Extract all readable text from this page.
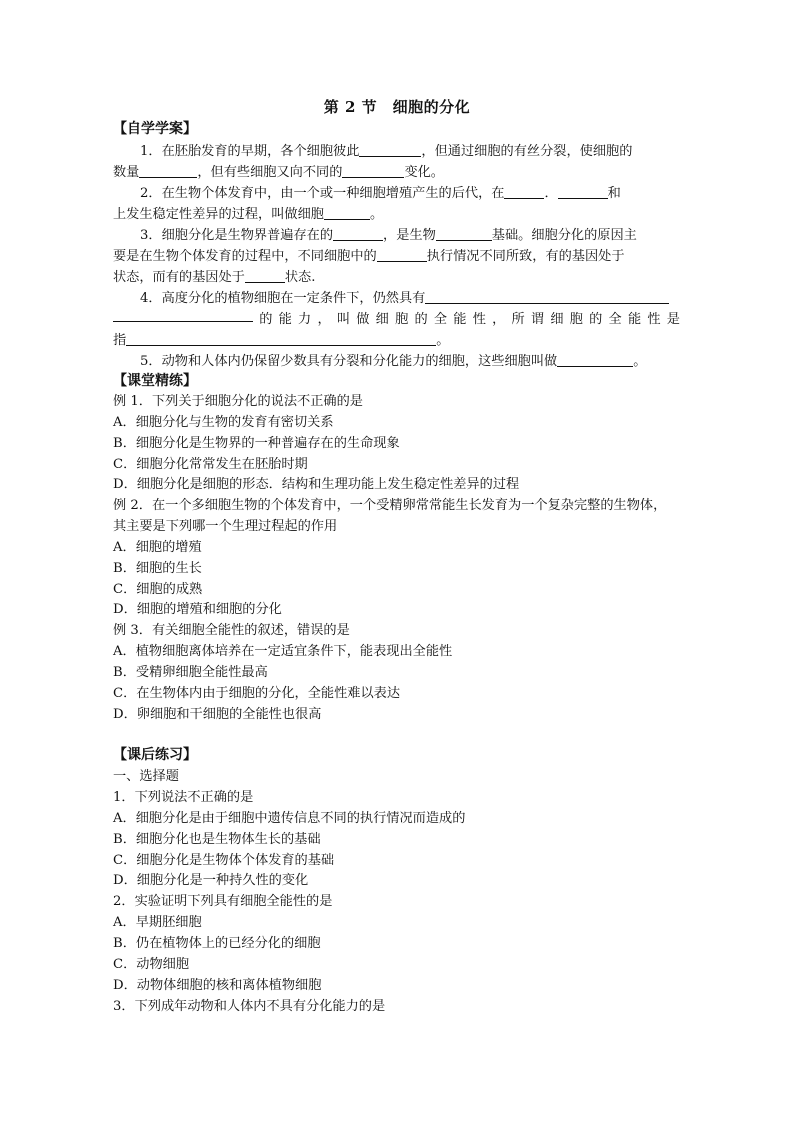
第 2 节　细胞的分化
【自学学案】
1．在胚胎发育的早期，各个细胞彼此	，但通过细胞的有丝分裂，使细胞的
数量	，但有些细胞又向不同的	变化。
2．在生物个体发育中，由一个或一种细胞增殖产生的后代，在	．	和
上发生稳定性差异的过程，叫做细胞	。
3．细胞分化是生物界普遍存在的	，是生物	基础。细胞分化的原因主
要是在生物个体发育的过程中，不同细胞中的	执行情况不同所致，有的基因处于
状态，而有的基因处于	状态.
4．高度分化的植物细胞在一定条件下，仍然具有
的 能 力 ， 叫 做 细 胞 的 全 能 性 ， 所 谓 细 胞 的 全 能 性 是
指	。
5．动物和人体内仍保留少数具有分裂和分化能力的细胞，这些细胞叫做	。
【课堂精练】
例 1．下列关于细胞分化的说法不正确的是
A．细胞分化与生物的发育有密切关系
B．细胞分化是生物界的一种普遍存在的生命现象
C．细胞分化常常发生在胚胎时期
D．细胞分化是细胞的形态．结构和生理功能上发生稳定性差异的过程
例 2．在一个多细胞生物的个体发育中，一个受精卵常常能生长发育为一个复杂完整的生物体，
其主要是下列哪一个生理过程起的作用
A．细胞的增殖
B．细胞的生长
C．细胞的成熟
D．细胞的增殖和细胞的分化
例 3．有关细胞全能性的叙述，错误的是
A．植物细胞离体培养在一定适宜条件下，能表现出全能性
B．受精卵细胞全能性最高
C．在生物体内由于细胞的分化，全能性难以表达
D．卵细胞和干细胞的全能性也很高
【课后练习】
一、选择题
1．下列说法不正确的是
A．细胞分化是由于细胞中遗传信息不同的执行情况而造成的
B．细胞分化也是生物体生长的基础
C．细胞分化是生物体个体发育的基础
D．细胞分化是一种持久性的变化
2．实验证明下列具有细胞全能性的是
A．早期胚细胞
B．仍在植物体上的已经分化的细胞
C．动物细胞
D．动物体细胞的核和离体植物细胞
3．下列成年动物和人体内不具有分化能力的是
